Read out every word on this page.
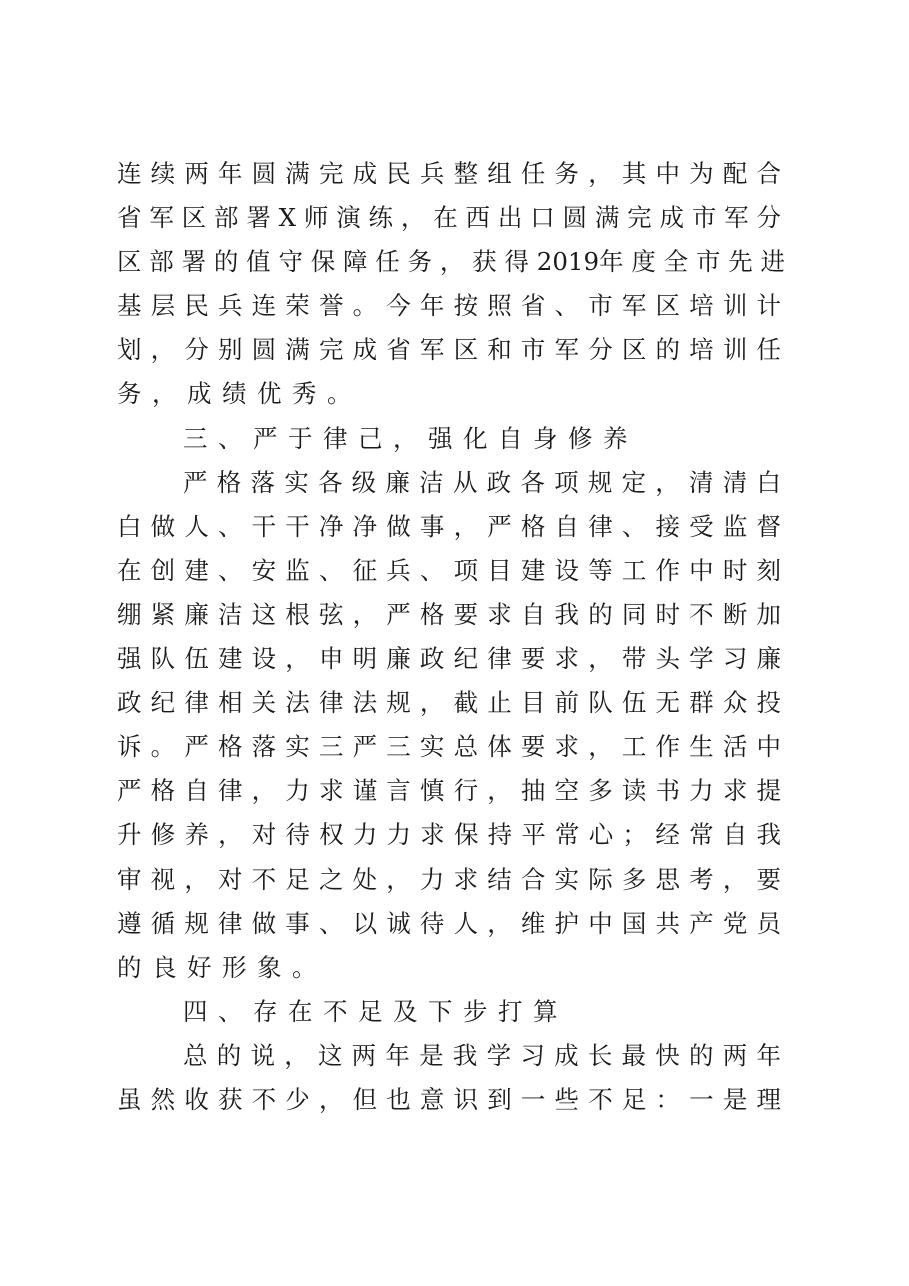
连 续 两 年 圆 满 完 成 民 兵 整 组 任 务 ， 其 中 为 配 合
省 军 区 部 署 X 师 演 练 ， 在 西 出 口 圆 满 完 成 市 军 分
区 部 署 的 值 守 保 障 任 务 ， 获 得 2019年 度 全 市 先 进
基 层 民 兵 连 荣 誉 。 今 年 按 照 省 、 市 军 区 培 训 计
划 ， 分 别 圆 满 完 成 省 军 区 和 市 军 分 区 的 培 训 任
务，成绩优秀。
三、严于律己，强化自身修养
严 格 落 实 各 级 廉 洁 从 政 各 项 规 定 ， 清 清 白
白 做 人 、 干 干 净 净 做 事 ， 严 格 自 律 、 接 受 监 督
在 创 建 、 安 监 、 征 兵 、 项 目 建 设 等 工 作 中 时 刻
绷 紧 廉 洁 这 根 弦 ， 严 格 要 求 自 我 的 同 时 不 断 加
强 队 伍 建 设 ， 申 明 廉 政 纪 律 要 求 ， 带 头 学 习 廉
政 纪 律 相 关 法 律 法 规 ， 截 止 目 前 队 伍 无 群 众 投
诉 。 严 格 落 实 三 严 三 实 总 体 要 求 ， 工 作 生 活 中
严 格 自 律 ， 力 求 谨 言 慎 行 ， 抽 空 多 读 书 力 求 提
升 修 养 ， 对 待 权 力 力 求 保 持 平 常 心 ； 经 常 自 我
审 视 ， 对 不 足 之 处 ， 力 求 结 合 实 际 多 思 考 ， 要
遵 循 规 律 做 事 、 以 诚 待 人 ， 维 护 中 国 共 产 党 员
的良好形象。
四、存在不足及下步打算
总 的 说 ， 这 两 年 是 我 学 习 成 长 最 快 的 两 年
虽 然 收 获 不 少 ， 但 也 意 识 到 一 些 不 足 ： 一 是 理
